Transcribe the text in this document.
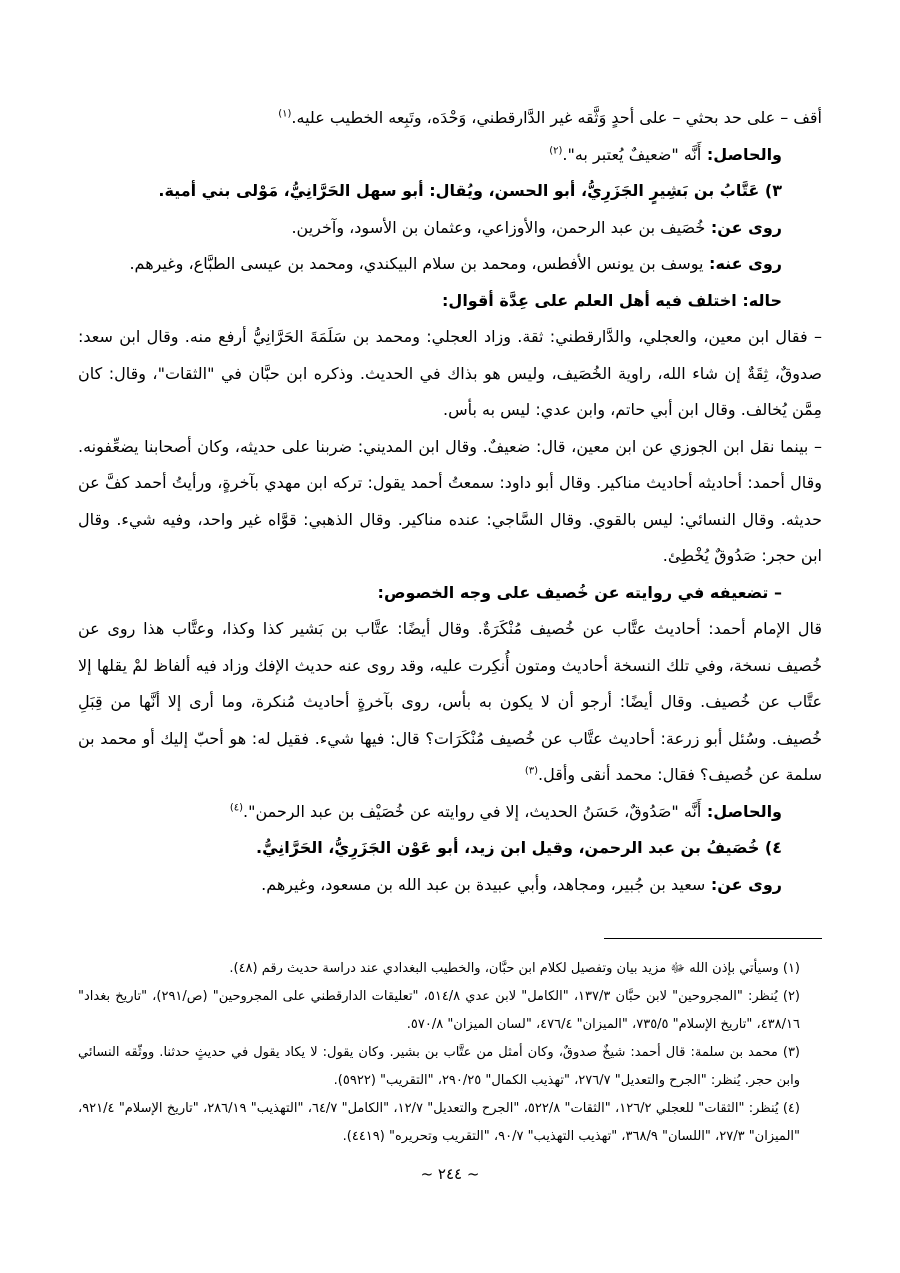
أقف – على حد بحثي – على أحدٍ وَثَّقه غير الدَّارقطني، وَحْدَه، وتَبِعه الخطيب عليه.$^{(١)}$

والحاصل: أَنَّه "ضعيفٌ يُعتبر به".$^{(٢)}$

٣) عَتَّابُ بن بَشِيرٍ الجَزَرِيُّ، أبو الحسن، ويُقال: أبو سهل الحَرَّانِيُّ، مَوْلى بني أمية.

روى عن: خُصَيف بن عبد الرحمن، والأوزاعي، وعثمان بن الأسود، وآخرين.

روى عنه: يوسف بن يونس الأفطس، ومحمد بن سلام البيكندي، ومحمد بن عيسى الطبَّاع، وغيرهم.

حاله: اختلف فيه أهل العلم على عِدَّة أقوال:

– فقال ابن معين، والعجلي، والدَّارقطني: ثقة. وزاد العجلي: ومحمد بن سَلَمَةَ الحَرَّانِيُّ أرفع منه. وقال ابن سعد: صدوقٌ، ثِقَةٌ إن شاء الله، راوية الخُصَيف، وليس هو بذاك في الحديث. وذكره ابن حبَّان في "الثقات"، وقال: كان مِمَّن يُخالف. وقال ابن أبي حاتم، وابن عدي: ليس به بأس.

– بينما نقل ابن الجوزي عن ابن معين، قال: ضعيفٌ. وقال ابن المديني: ضربنا على حديثه، وكان أصحابنا يضعِّفونه. وقال أحمد: أحاديثه أحاديث مناكير. وقال أبو داود: سمعتُ أحمد يقول: تركه ابن مهدي بآخرةٍ، ورأيتُ أحمد كفَّ عن حديثه. وقال النسائي: ليس بالقوي. وقال السَّاجي: عنده مناكير. وقال الذهبي: قوَّاه غير واحد، وفيه شيء. وقال ابن حجر: صَدُوقٌ يُخْطِئ.

– تضعيفه في روايته عن خُصيف على وجه الخصوص:

قال الإمام أحمد: أحاديث عتَّاب عن خُصيف مُنْكَرَةٌ. وقال أيضًا: عتَّاب بن بَشير كذا وكذا، وعتَّاب هذا روى عن خُصيف نسخة، وفي تلك النسخة أحاديث ومتون أُنكِرت عليه، وقد روى عنه حديث الإفك وزاد فيه ألفاظ لمْ يقلها إلا عتَّاب عن خُصيف. وقال أيضًا: أرجو أن لا يكون به بأس، روى بآخرةٍ أحاديث مُنكرة، وما أرى إلا أنَّها من قِبَلِ خُصيف. وسُئل أبو زرعة: أحاديث عتَّاب عن خُصيف مُنْكَرَات؟ قال: فيها شيء. فقيل له: هو أحبّ إليك أو محمد بن سلمة عن خُصيف؟ فقال: محمد أنقى وأقل.$^{(٣)}$

والحاصل: أَنَّه "صَدُوقٌ، حَسَنُ الحديث، إلا في روايته عن خُصَيْف بن عبد الرحمن".$^{(٤)}$

٤) خُصَيفُ بن عبد الرحمن، وقيل ابن زيد، أبو عَوْن الجَزَرِيُّ، الحَرَّانِيُّ.

روى عن: سعيد بن جُبير، ومجاهد، وأبي عبيدة بن عبد الله بن مسعود، وغيرهم.

(١) وسيأتي بإذن الله ﷻ مزيد بيان وتفصيل لكلام ابن حبَّان، والخطيب البغدادي عند دراسة حديث رقم (٤٨).

(٢) يُنظر: "المجروحين" لابن حبَّان ١٣٧/٣، "الكامل" لابن عدي ٥١٤/٨، "تعليقات الدارقطني على المجروحين" (ص/٢٩١)، "تاريخ بغداد" ٤٣٨/١٦، "تاريخ الإسلام" ٧٣٥/٥، "الميزان" ٤٧٦/٤، "لسان الميزان" ٥٧٠/٨.

(٣) محمد بن سلمة: قال أحمد: شيخٌ صدوقٌ، وكان أمثل من عتَّاب بن بشير. وكان يقول: لا يكاد يقول في حديثٍ حدثنا. ووثّقه النسائي وابن حجر. يُنظر: "الجرح والتعديل" ٢٧٦/٧، "تهذيب الكمال" ٢٩٠/٢٥، "التقريب" (٥٩٢٢).

(٤) يُنظر: "الثقات" للعجلي ١٢٦/٢، "الثقات" ٥٢٢/٨، "الجرح والتعديل" ١٢/٧، "الكامل" ٦٤/٧، "التهذيب" ٢٨٦/١٩، "تاريخ الإسلام" ٩٢١/٤، "الميزان" ٢٧/٣، "اللسان" ٣٦٨/٩، "تهذيب التهذيب" ٩٠/٧، "التقريب وتحريره" (٤٤١٩).

~ ٢٤٤ ~
